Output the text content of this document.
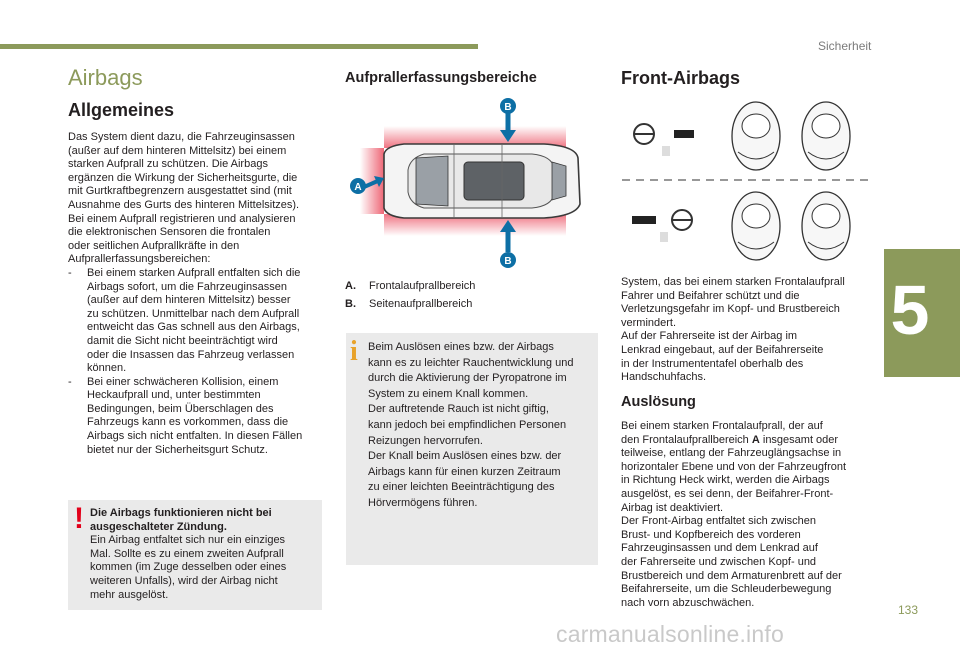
Sicherheit
5
133
carmanualsonline.info
Airbags
Allgemeines

Das System dient dazu, die Fahrzeuginsassen

(außer auf dem hinteren Mittelsitz) bei einem

starken Aufprall zu schützen. Die Airbags

ergänzen die Wirkung der Sicherheitsgurte, die

mit Gurtkraftbegrenzern ausgestattet sind (mit

Ausnahme des Gurts des hinteren Mittelsitzes).

Bei einem Aufprall registrieren und analysieren

die elektronischen Sensoren die frontalen

oder seitlichen Aufprallkräfte in den

Aufprallerfassungsbereichen:

-	Bei einem starken Aufprall entfalten sich die

Airbags sofort, um die Fahrzeuginsassen

(außer auf dem hinteren Mittelsitz) besser

zu schützen. Unmittelbar nach dem Aufprall

entweicht das Gas schnell aus den Airbags,

damit die Sicht nicht beeinträchtigt wird

oder die Insassen das Fahrzeug verlassen

können.

-	Bei einer schwächeren Kollision, einem

Heckaufprall und, unter bestimmten

Bedingungen, beim Überschlagen des

Fahrzeugs kann es vorkommen, dass die

Airbags sich nicht entfalten. In diesen Fällen

bietet nur der Sicherheitsgurt Schutz.

! Die Airbags funktionieren nicht bei

ausgeschalteter Zündung.

Ein Airbag entfaltet sich nur ein einziges

Mal. Sollte es zu einem zweiten Aufprall

kommen (im Zuge desselben oder eines

weiteren Unfalls), wird der Airbag nicht

mehr ausgelöst.

Aufprallerfassungsbereiche
B
B
A

A. Frontalaufprallbereich

B. Seitenaufprallbereich

i Beim Auslösen eines bzw. der Airbags

kann es zu leichter Rauchentwicklung und

durch die Aktivierung der Pyropatrone im

System zu einem Knall kommen.

Der auftretende Rauch ist nicht giftig,

kann jedoch bei empfindlichen Personen

Reizungen hervorrufen.

Der Knall beim Auslösen eines bzw. der

Airbags kann für einen kurzen Zeitraum

zu einer leichten Beeinträchtigung des

Hörvermögens führen.

Front-Airbags

System, das bei einem starken Frontalaufprall

Fahrer und Beifahrer schützt und die

Verletzungsgefahr im Kopf- und Brustbereich

vermindert.

Auf der Fahrerseite ist der Airbag im

Lenkrad eingebaut, auf der Beifahrerseite

in der Instrumententafel oberhalb des

Handschuhfachs.

Auslösung

Bei einem starken Frontalaufprall, der auf

den Frontalaufprallbereich A insgesamt oder

teilweise, entlang der Fahrzeuglängsachse in

horizontaler Ebene und von der Fahrzeugfront

in Richtung Heck wirkt, werden die Airbags

ausgelöst, es sei denn, der Beifahrer-Front-

Airbag ist deaktiviert.

Der Front-Airbag entfaltet sich zwischen

Brust- und Kopfbereich des vorderen

Fahrzeuginsassen und dem Lenkrad auf

der Fahrerseite und zwischen Kopf- und

Brustbereich und dem Armaturenbrett auf der

Beifahrerseite, um die Schleuderbewegung

nach vorn abzuschwächen.
